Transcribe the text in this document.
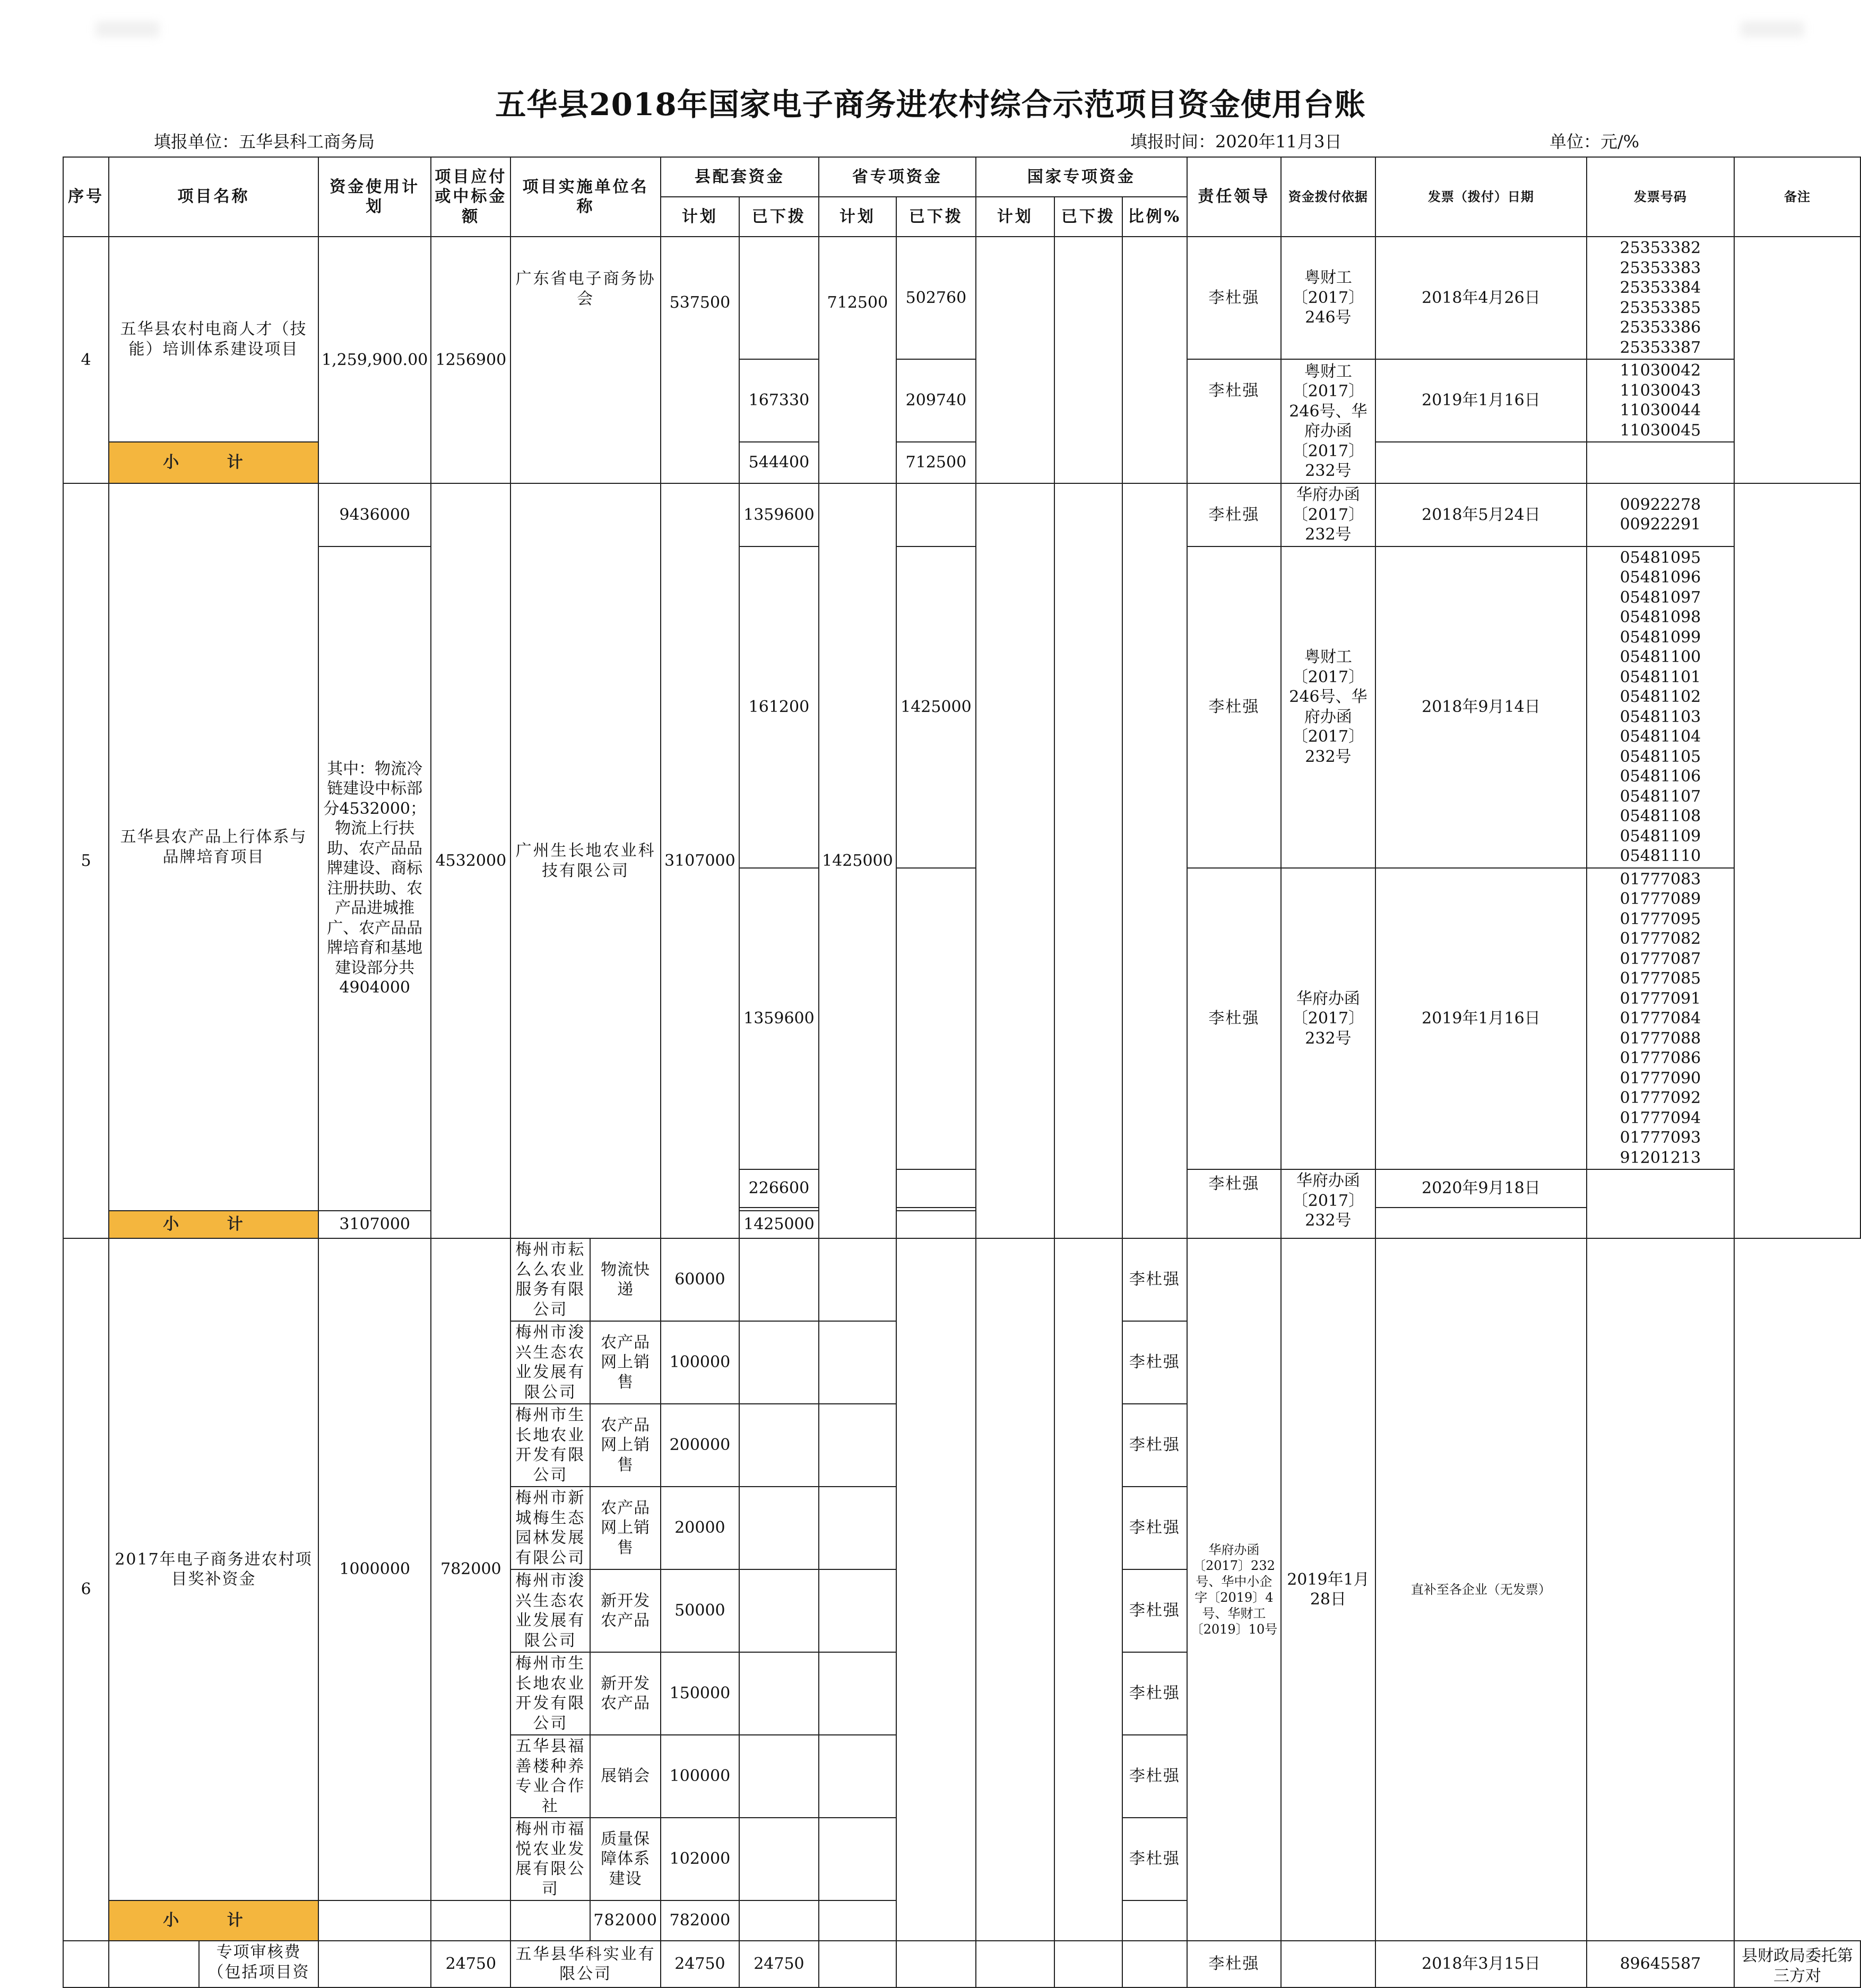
五华县2018年国家电子商务进农村综合示范项目资金使用台账
填报单位：五华县科工商务局	填报时间：2020年11月3日	单位：元/%
序号	项目名称		资金使用计划	项目应付或中标金额	项目实施单位名称		县配套资金		省专项资金		国家专项资金			责任领导	资金拨付依据	发票（拨付）日期	发票号码	备注
							计划	已下拨	计划	已下拨	计划	已下拨	比例%					
4	五华县农村电商人才（技能）培训体系建设项目		1,259,900.00	1256900	广东省电子商务协会		537500		712500	502760				李杜强	粤财工〔2017〕246号	2018年4月26日	25353382 25353383 25353384 25353385 25353386 25353387	
								167330		209740				李杜强	粤财工〔2017〕246号、华府办函〔2017〕232号	2019年1月16日	11030042 11030043 11030044 11030045	
	小 计							544400		712500								
5	五华县农产品上行体系与品牌培育项目		9436000	4532000	广州生长地农业科技有限公司		3107000	1359600	1425000					李杜强	华府办函〔2017〕232号	2018年5月24日	00922278 00922291	
			其中：物流冷链建设中标部分4532000；物流上行扶助、农产品品牌建设、商标注册扶助、农产品进城推广、农产品品牌培育和基地建设部分共4904000					161200		1425000				李杜强	粤财工〔2017〕246号、华府办函〔2017〕232号	2018年9月14日	05481095 05481096 05481097 05481098 05481099 05481100 05481101 05481102 05481103 05481104 05481105 05481106 05481107 05481108 05481109 05481110	
								1359600						李杜强	华府办函〔2017〕232号	2019年1月16日	01777083 01777089 01777095 01777082 01777087 01777085 01777091 01777084 01777088 01777086 01777090 01777092 01777094 01777093 91201213	
								226600						李杜强	华府办函〔2017〕232号	2020年9月18日		

	小 计		3107000					1425000										
6	2017年电子商务进农村项目奖补资金		1000000	782000	梅州市耘么么农业服务有限公司	物流快递	60000						李杜强	华府办函〔2017〕232号、华中小企字〔2019〕4号、华财工〔2019〕10号	2019年1月28日	直补至各企业（无发票）		
					梅州市浚兴生态农业发展有限公司	农产品网上销售	100000						李杜强					
					梅州市生长地农业开发有限公司	农产品网上销售	200000						李杜强					
					梅州市新城梅生态园林发展有限公司	农产品网上销售	20000						李杜强					
					梅州市浚兴生态农业发展有限公司	新开发农产品	50000						李杜强					
					梅州市生长地农业开发有限公司	新开发农产品	150000						李杜强					
					五华县福善楼种养专业合作社	展销会	100000						李杜强					
					梅州市福悦农业发展有限公司	质量保障体系建设	102000						李杜强					
	小 计					782000	782000											
		专项审核费（包括项目资		24750	五华县华科实业有限公司		24750	24750						李杜强		2018年3月15日	89645587	县财政局委托第三方对
